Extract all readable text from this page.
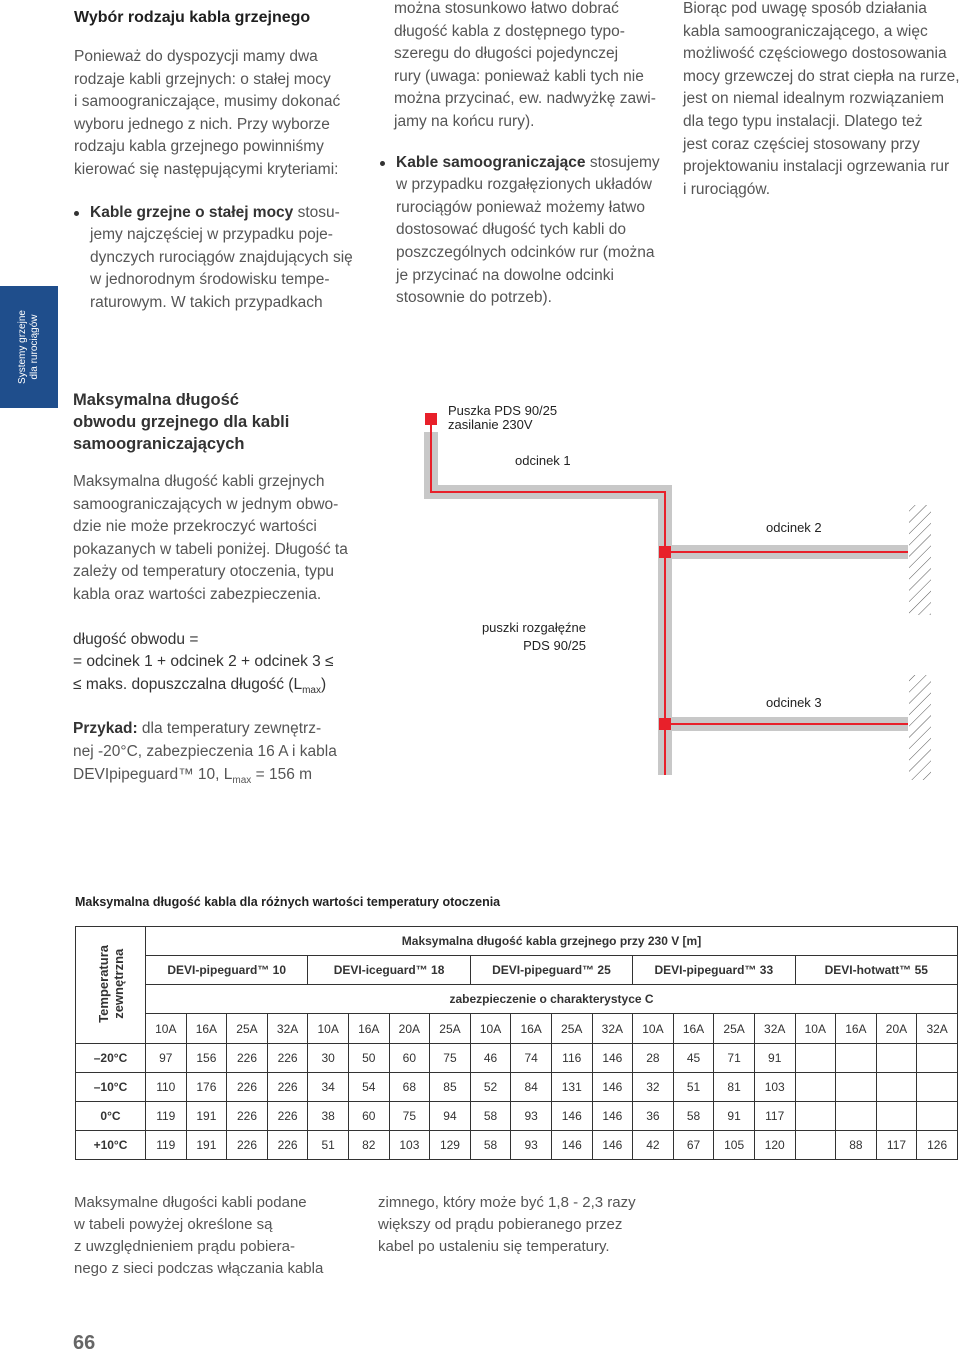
Systemy grzejne dla rurociągów
Wybór rodzaju kabla grzejnego

Ponieważ do dyspozycji mamy dwa
rodzaje kabli grzejnych: o stałej mocy
i samoograniczające, musimy dokonać
wyboru jednego z nich. Przy wyborze
rodzaju kabla grzejnego powinniśmy
kierować się następującymi kryteriami:

Kable grzejne o stałej mocy stosu-
jemy najczęściej w przypadku poje-
dynczych rurociągów znajdujących się
w jednorodnym środowisku tempe-
raturowym. W takich przypadkach

można stosunkowo łatwo dobrać
długość kabla z dostępnego typo-
szeregu do długości pojedynczej
rury (uwaga: ponieważ kabli tych nie
można przycinać, ew. nadwyżkę zawi-
jamy na końcu rury).

Kable samoograniczające stosujemy
w przypadku rozgałęzionych układów
rurociągów ponieważ możemy łatwo
dostosować długość tych kabli do
poszczególnych odcinków rur (można
je przycinać na dowolne odcinki
stosownie do potrzeb).

Biorąc pod uwagę sposób działania
kabla samoograniczającego, a więc
możliwość częściowego dostosowania
mocy grzewczej do strat ciepła na rurze,
jest on niemal idealnym rozwiązaniem
dla tego typu instalacji. Dlatego też
jest coraz częściej stosowany przy
projektowaniu instalacji ogrzewania rur
i rurociągów.

Maksymalna długość
obwodu grzejnego dla kabli
samoograniczających

Maksymalna długość kabli grzejnych
samoograniczających w jednym obwo-
dzie nie może przekroczyć wartości
pokazanych w tabeli poniżej. Długość ta
zależy od temperatury otoczenia, typu
kabla oraz wartości zabezpieczenia.

długość obwodu =
= odcinek 1 + odcinek 2 + odcinek 3 ≤
≤ maks. dopuszczalna długość $(L_{max})$
Przykad: dla temperatury zewnętrz-
nej -20°C, zabezpieczenia 16 A i kabla
DEVIpipeguard™ 10, $L_{max} = 156$ m
Puszka PDS 90/25
zasilanie 230V
odcinek 1
odcinek 2
odcinek 3
puszki rozgałęźne
PDS 90/25
Maksymalna długość kabla dla różnych wartości temperatury otoczenia
Temperatura
zewnętrzna	Maksymalna długość kabla grzejnego przy 230 V [m]																			
	DEVI-pipeguard™ 10				DEVI-iceguard™ 18				DEVI-pipeguard™ 25				DEVI-pipeguard™ 33				DEVI-hotwatt™ 55			
	zabezpieczenie o charakterystyce C																			
	10A	16A	25A	32A	10A	16A	20A	25A	10A	16A	25A	32A	10A	16A	25A	32A	10A	16A	20A	32A
–20°C	97	156	226	226	30	50	60	75	46	74	116	146	28	45	71	91				
–10°C	110	176	226	226	34	54	68	85	52	84	131	146	32	51	81	103				
0°C	119	191	226	226	38	60	75	94	58	93	146	146	36	58	91	117				
+10°C	119	191	226	226	51	82	103	129	58	93	146	146	42	67	105	120		88	117	126
Maksymalne długości kabli podane
w tabeli powyżej określone są
z uwzględnieniem prądu pobiera-
nego z sieci podczas włączania kabla
zimnego, który może być 1,8 - 2,3 razy
większy od prądu pobieranego przez
kabel po ustaleniu się temperatury.
66
